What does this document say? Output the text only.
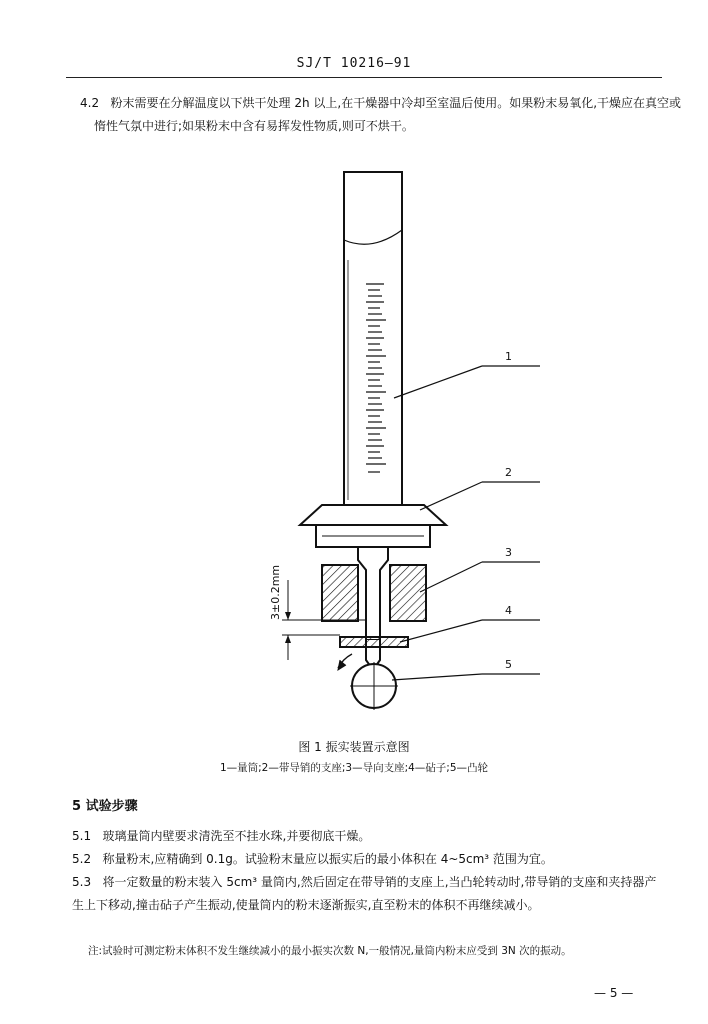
SJ/T 10216—91

4.2 粉末需要在分解温度以下烘干处理 2h 以上,在干燥器中冷却至室温后使用。如果粉末易氧化,干燥应在真空或惰性气氛中进行;如果粉末中含有易挥发性物质,则可不烘干。

3±0.2mm
1
2
3
4
5
图 1 振实装置示意图
1—量筒;2—带导销的支座;3—导向支座;4—砧子;5—凸轮
5 试验步骤
5.1 玻璃量筒内壁要求清洗至不挂水珠,并要彻底干燥。
5.2 称量粉末,应精确到 0.1g。试验粉末量应以振实后的最小体积在 4~5cm³ 范围为宜。
5.3 将一定数量的粉末装入 5cm³ 量筒内,然后固定在带导销的支座上,当凸轮转动时,带导销的支座和夹持器产生上下移动,撞击砧子产生振动,使量筒内的粉末逐渐振实,直至粉末的体积不再继续减小。
注:试验时可测定粉末体积不发生继续减小的最小振实次数 N,一般情况,量筒内粉末应受到 3N 次的振动。
— 5 —
